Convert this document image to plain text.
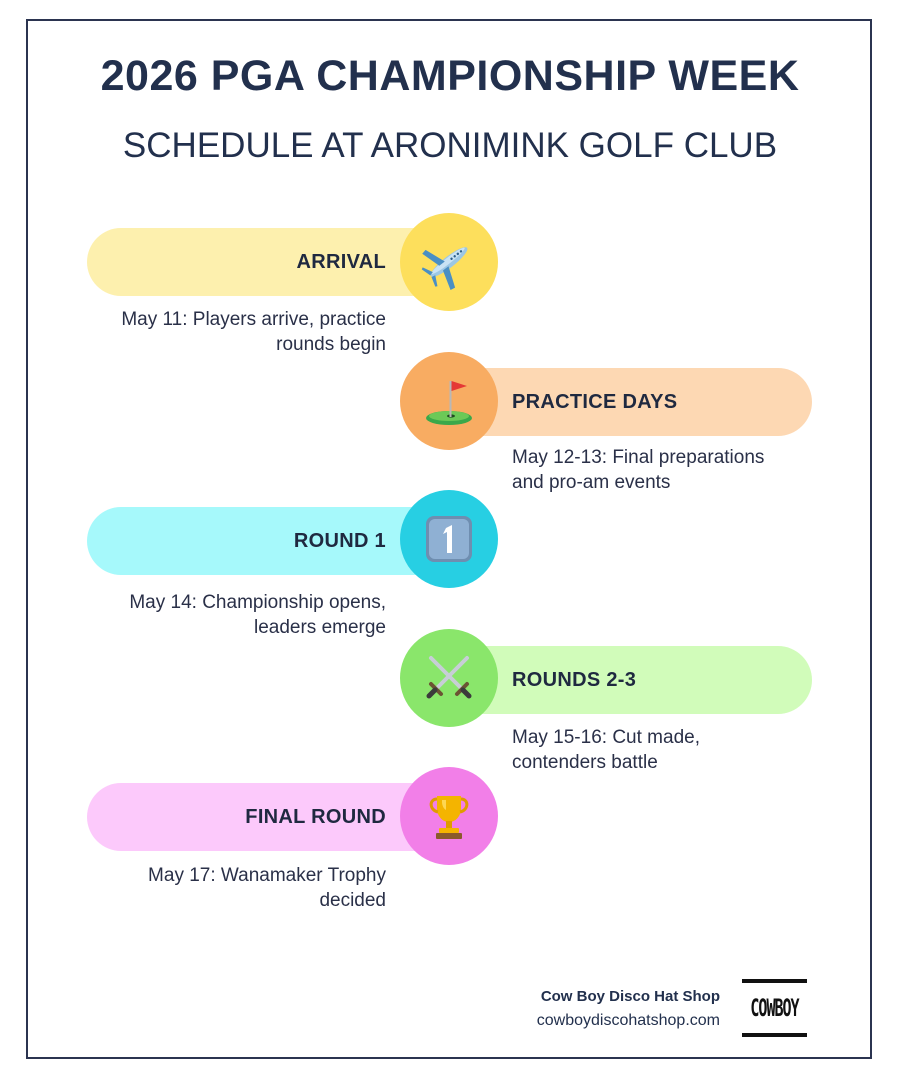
2026 PGA CHAMPIONSHIP WEEK
SCHEDULE AT ARONIMINK GOLF CLUB
ARRIVAL

May 11: Players arrive, practice rounds begin

PRACTICE DAYS

May 12-13: Final preparations and pro-am events

ROUND 1

May 14: Championship opens, leaders emerge

ROUNDS 2-3

May 15-16: Cut made, contenders battle

FINAL ROUND

May 17: Wanamaker Trophy decided

Cow Boy Disco Hat Shop
cowboydiscohatshop.com COWBOY
